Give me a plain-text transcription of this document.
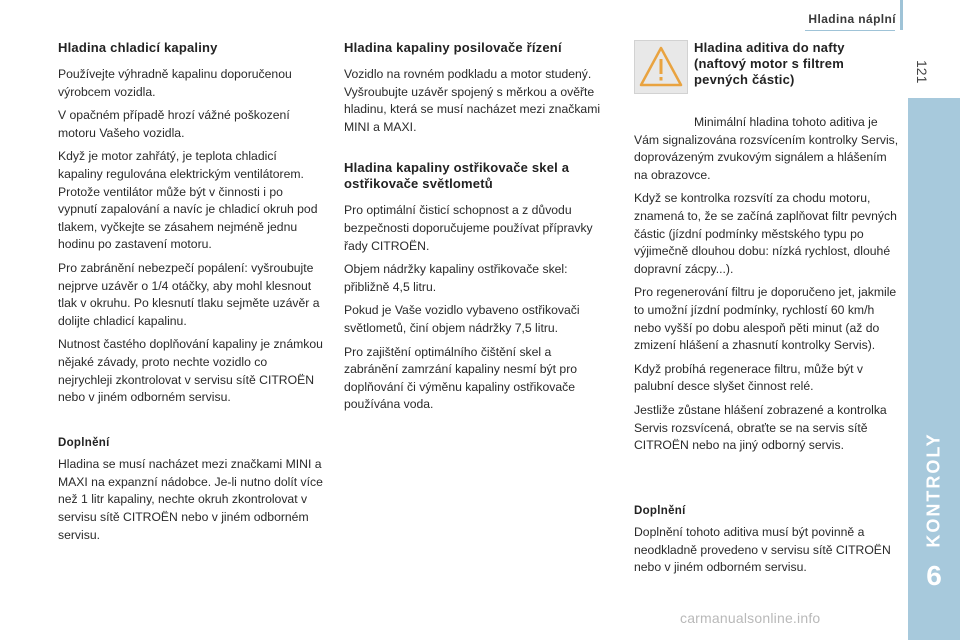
Hladina náplní
121
KONTROLY
6
Hladina chladicí kapaliny

Používejte výhradně kapalinu doporučenou výrobcem vozidla.

V opačném případě hrozí vážné poškození motoru Vašeho vozidla.

Když je motor zahřátý, je teplota chladicí kapaliny regulována elektrickým ventilátorem. Protože ventilátor může být v činnosti i po vypnutí zapalování a navíc je chladicí okruh pod tlakem, vyčkejte se zásahem nejméně jednu hodinu po zastavení motoru.

Pro zabránění nebezpečí popálení: vyšroubujte nejprve uzávěr o 1/4 otáčky, aby mohl klesnout tlak v okruhu. Po klesnutí tlaku sejměte uzávěr a dolijte chladicí kapalinu.

Nutnost častého doplňování kapaliny je známkou nějaké závady, proto nechte vozidlo co nejrychleji zkontrolovat v servisu sítě CITROËN nebo v jiném odborném servisu.

Doplnění

Hladina se musí nacházet mezi značkami MINI a MAXI na expanzní nádobce. Je-li nutno dolít více než 1 litr kapaliny, nechte okruh zkontrolovat v servisu sítě CITROËN nebo v jiném odborném servisu.

Hladina kapaliny posilovače řízení

Vozidlo na rovném podkladu a motor studený. Vyšroubujte uzávěr spojený s měrkou a ověřte hladinu, která se musí nacházet mezi značkami MINI a MAXI.

Hladina kapaliny ostřikovače skel a ostřikovače světlometů

Pro optimální čisticí schopnost a z důvodu bezpečnosti doporučujeme používat přípravky řady CITROËN.

Objem nádržky kapaliny ostřikovače skel: přibližně 4,5 litru.

Pokud je Vaše vozidlo vybaveno ostřikovači světlometů, činí objem nádržky 7,5 litru.

Pro zajištění optimálního čištění skel a zabránění zamrzání kapaliny nesmí být pro doplňování či výměnu kapaliny ostřikovače používána voda.

Hladina aditiva do nafty (naftový motor s filtrem pevných částic)

Minimální hladina tohoto aditiva je Vám signalizována rozsvícením kontrolky Servis, doprovázeným zvukovým signálem a hlášením na obrazovce.

Když se kontrolka rozsvítí za chodu motoru, znamená to, že se začíná zaplňovat filtr pevných částic (jízdní podmínky městského typu po výjimečně dlouhou dobu: nízká rychlost, dlouhé dopravní zácpy...).

Pro regenerování filtru je doporučeno jet, jakmile to umožní jízdní podmínky, rychlostí 60 km/h nebo vyšší po dobu alespoň pěti minut (až do zmizení hlášení a zhasnutí kontrolky Servis).

Když probíhá regenerace filtru, může být v palubní desce slyšet činnost relé.

Jestliže zůstane hlášení zobrazené a kontrolka Servis rozsvícená, obraťte se na servis sítě CITROËN nebo na jiný odborný servis.

Doplnění

Doplnění tohoto aditiva musí být povinně a neodkladně provedeno v servisu sítě CITROËN nebo v jiném odborném servisu.

carmanualsonline.info
